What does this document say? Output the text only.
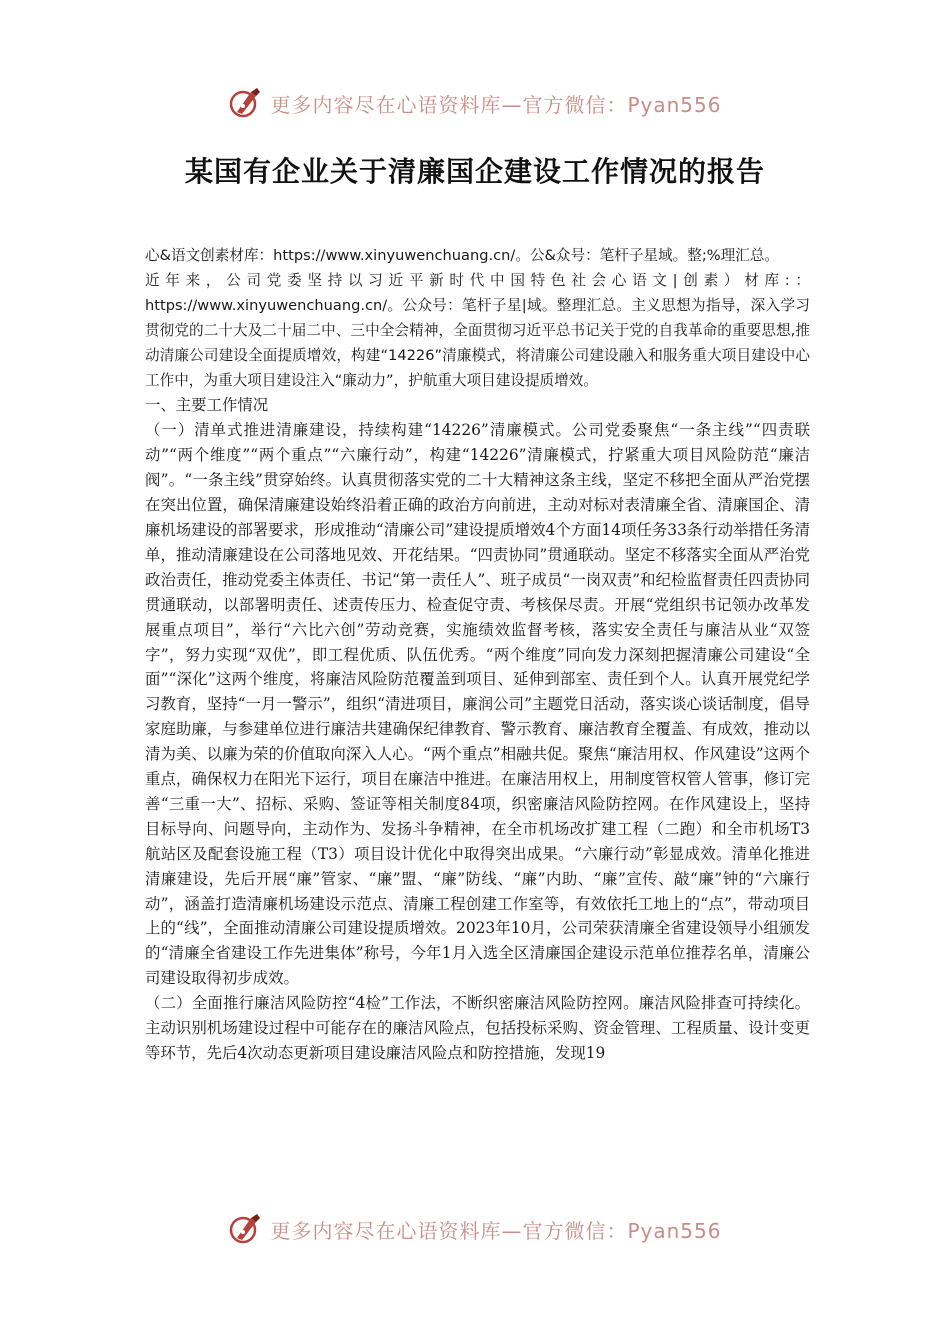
更多内容尽在心语资料库—官方微信：Pyan556
某国有企业关于清廉国企建设工作情况的报告

心&语文创素材库：https://www.xinyuwenchuang.cn/。公&众号：笔杆子星域。整;%理汇总。

近年来，公司党委坚持以习近平新时代中国特色社会心语文|创素）材库:：https://www.xinyuwenchuang.cn/。公众号：笔杆子星|域。整理汇总。主义思想为指导，深入学习贯彻党的二十大及二十届二中、三中全会精神，全面贯彻习近平总书记关于党的自我革命的重要思想,推动清廉公司建设全面提质增效，构建“14226”清廉模式，将清廉公司建设融入和服务重大项目建设中心工作中，为重大项目建设注入“廉动力”，护航重大项目建设提质增效。

一、主要工作情况

（一）清单式推进清廉建设，持续构建“14226”清廉模式。公司党委聚焦“一条主线”“四责联动”“两个维度”“两个重点”“六廉行动”，构建“14226”清廉模式，拧紧重大项目风险防范“廉洁阀”。“一条主线”贯穿始终。认真贯彻落实党的二十大精神这条主线，坚定不移把全面从严治党摆在突出位置，确保清廉建设始终沿着正确的政治方向前进，主动对标对表清廉全省、清廉国企、清廉机场建设的部署要求，形成推动“清廉公司”建设提质增效4个方面14项任务33条行动举措任务清单，推动清廉建设在公司落地见效、开花结果。“四责协同”贯通联动。坚定不移落实全面从严治党政治责任，推动党委主体责任、书记“第一责任人”、班子成员“一岗双责”和纪检监督责任四责协同贯通联动，以部署明责任、述责传压力、检查促守责、考核保尽责。开展“党组织书记领办改革发展重点项目”，举行“六比六创”劳动竞赛，实施绩效监督考核，落实安全责任与廉洁从业“双签字”，努力实现“双优”，即工程优质、队伍优秀。“两个维度”同向发力深刻把握清廉公司建设“全面”“深化”这两个维度，将廉洁风险防范覆盖到项目、延伸到部室、责任到个人。认真开展党纪学习教育，坚持“一月一警示”，组织“清进项目，廉润公司”主题党日活动，落实谈心谈话制度，倡导家庭助廉，与参建单位进行廉洁共建确保纪律教育、警示教育、廉洁教育全覆盖、有成效，推动以清为美、以廉为荣的价值取向深入人心。“两个重点”相融共促。聚焦“廉洁用权、作风建设”这两个重点，确保权力在阳光下运行，项目在廉洁中推进。在廉洁用权上，用制度管权管人管事，修订完善“三重一大”、招标、采购、签证等相关制度84项，织密廉洁风险防控网。在作风建设上，坚持目标导向、问题导向，主动作为、发扬斗争精神，在全市机场改扩建工程（二跑）和全市机场T3航站区及配套设施工程（T3）项目设计优化中取得突出成果。“六廉行动”彰显成效。清单化推进清廉建设，先后开展“廉”管家、“廉”盟、“廉”防线、“廉”内助、“廉”宣传、敲“廉”钟的“六廉行动”，涵盖打造清廉机场建设示范点、清廉工程创建工作室等，有效依托工地上的“点”，带动项目上的“线”，全面推动清廉公司建设提质增效。2023年10月，公司荣获清廉全省建设领导小组颁发的“清廉全省建设工作先进集体”称号，今年1月入选全区清廉国企建设示范单位推荐名单，清廉公司建设取得初步成效。

（二）全面推行廉洁风险防控“4检”工作法，不断织密廉洁风险防控网。廉洁风险排查可持续化。主动识别机场建设过程中可能存在的廉洁风险点，包括投标采购、资金管理、工程质量、设计变更等环节，先后4次动态更新项目建设廉洁风险点和防控措施，发现19

更多内容尽在心语资料库—官方微信：Pyan556
